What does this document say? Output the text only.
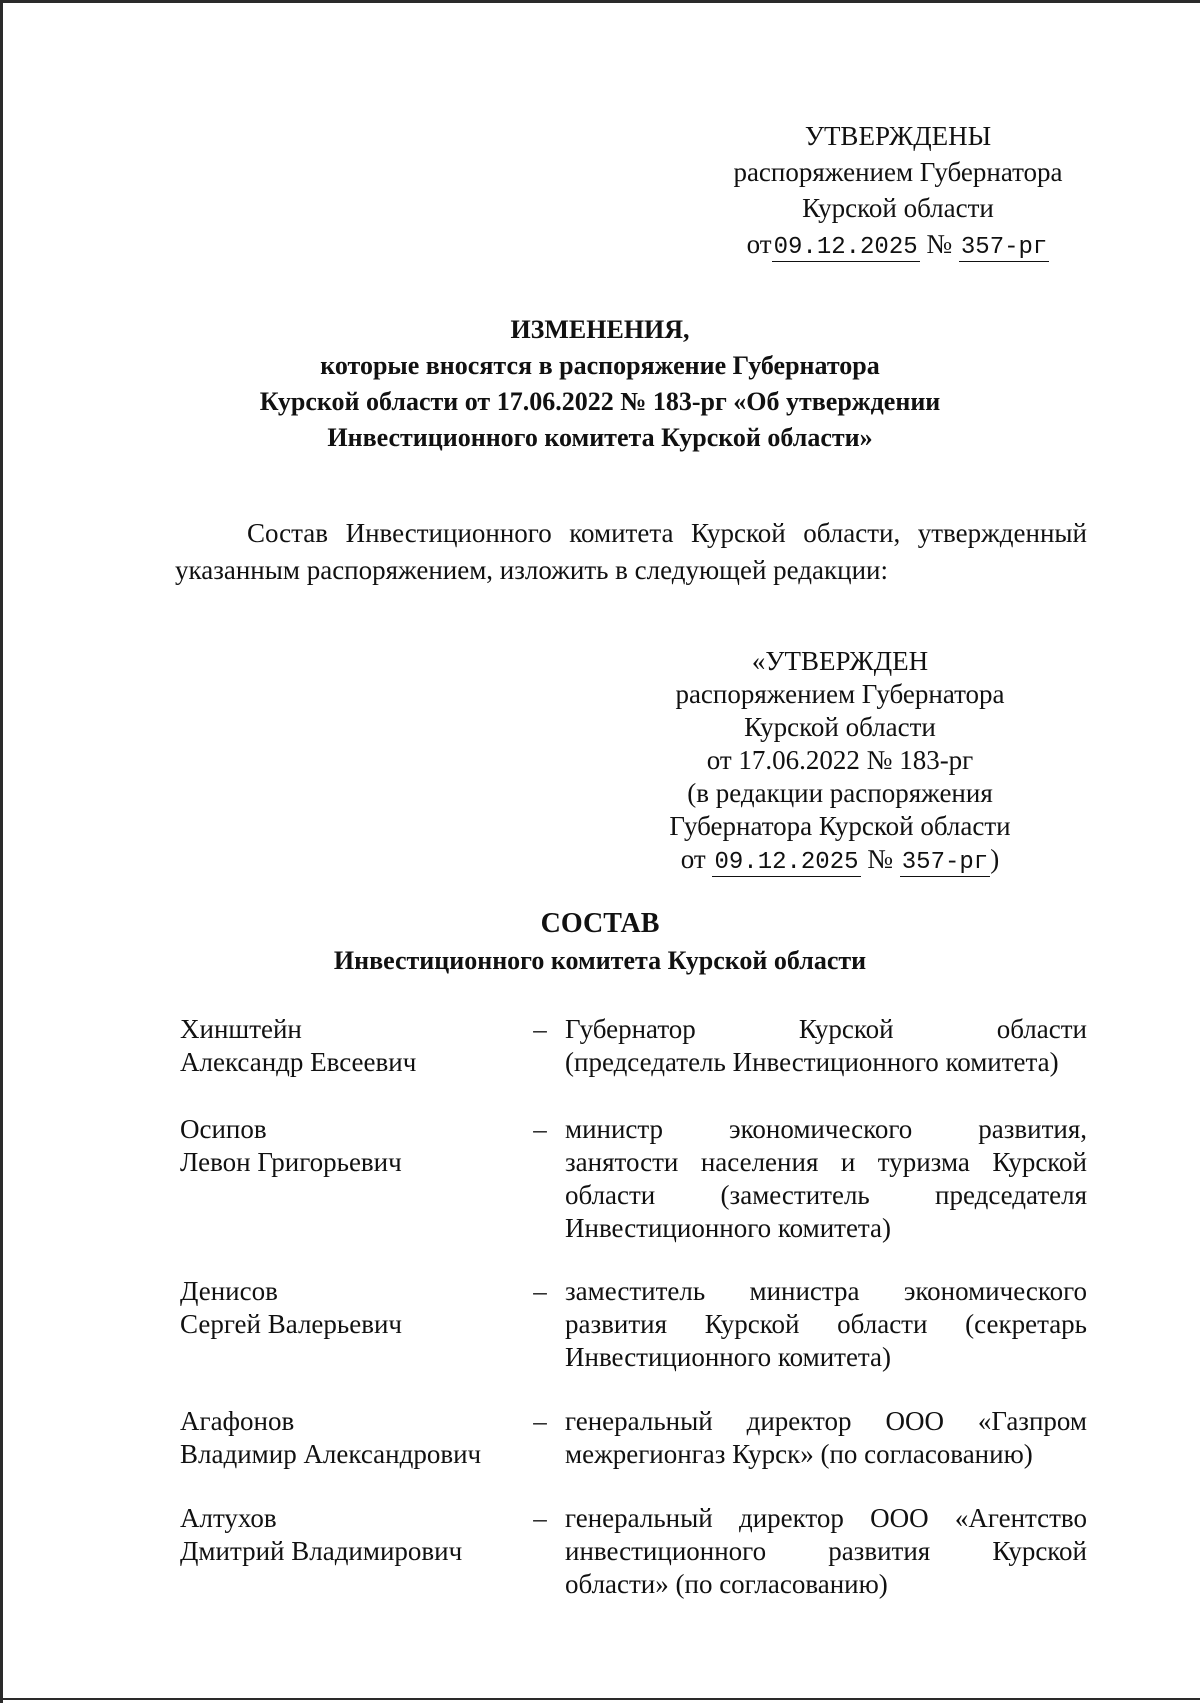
УТВЕРЖДЕНЫ
распоряжением Губернатора
Курской области
от09.12.2025 № 357-рг
ИЗМЕНЕНИЯ,
которые вносятся в распоряжение Губернатора
Курской области от 17.06.2022 № 183-рг «Об утверждении
Инвестиционного комитета Курской области»
Состав Инвестиционного комитета Курской области, утвержденный
указанным распоряжением, изложить в следующей редакции:
«УТВЕРЖДЕН
распоряжением Губернатора
Курской области
от 17.06.2022 № 183-рг
(в редакции распоряжения
Губернатора Курской области
от 09.12.2025 № 357-рг)
СОСТАВ
Инвестиционного комитета Курской области
Хинштейн
Александр Евсеевич
– Губернатор Курской области
(председатель Инвестиционного комитета)
Осипов
Левон Григорьевич
– министр экономического развития,
занятости населения и туризма Курской
области (заместитель председателя
Инвестиционного комитета)
Денисов
Сергей Валерьевич
– заместитель министра экономического
развития Курской области (секретарь
Инвестиционного комитета)
Агафонов
Владимир Александрович
– генеральный директор ООО «Газпром
межрегионгаз Курск» (по согласованию)
Алтухов
Дмитрий Владимирович
– генеральный директор ООО «Агентство
инвестиционного развития Курской
области» (по согласованию)
